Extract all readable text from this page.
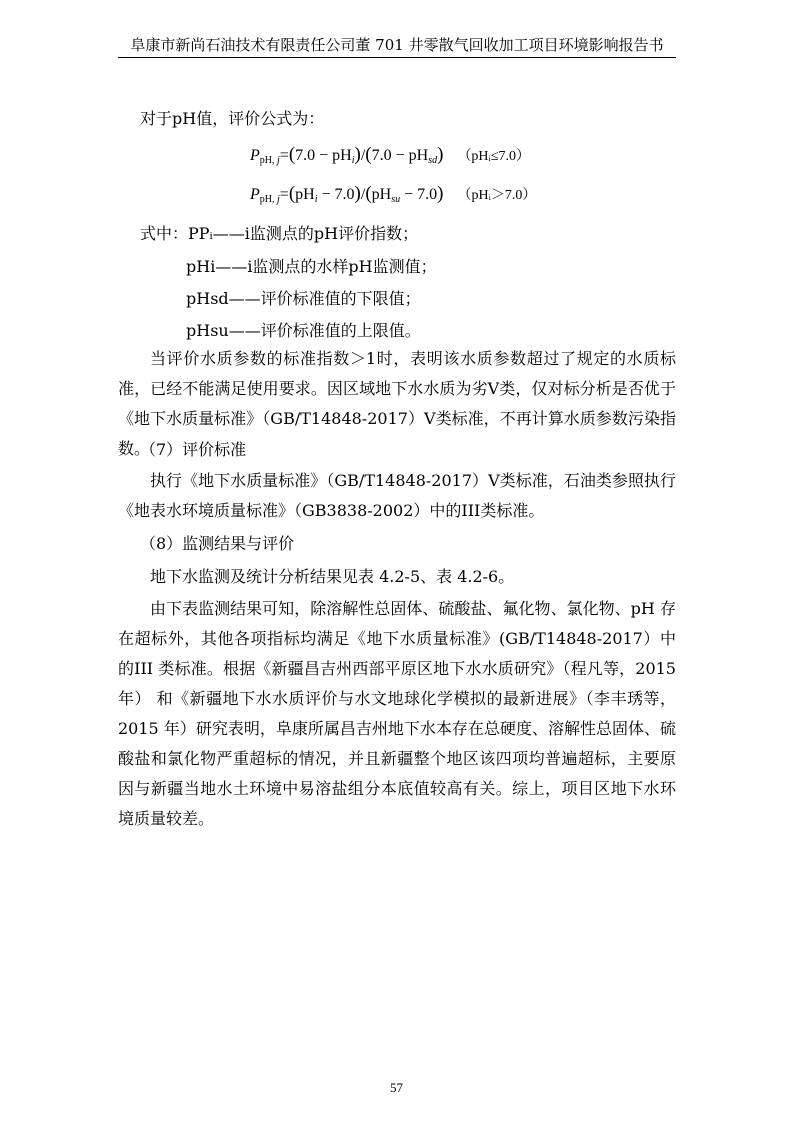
阜康市新尚石油技术有限责任公司董 701 井零散气回收加工项目环境影响报告书
对于pH值，评价公式为：
$P_{pH, j}=(7.0 - pH_i)/(7.0 - pH_{sd})$ （pHᵢ≤7.0）
$P_{pH, j}=(pH_i - 7.0)/(pH_{su} - 7.0)$ （pHᵢ＞7.0）
式中：PPᵢ——i监测点的pH评价指数；
pHi——i监测点的水样pH监测值；
pHsd——评价标准值的下限值；
pHsu——评价标准值的上限值。
当评价水质参数的标准指数＞1时，表明该水质参数超过了规定的水质标准，已经不能满足使用要求。因区域地下水水质为劣V类，仅对标分析是否优于《地下水质量标准》（GB/T14848-2017）V类标准，不再计算水质参数污染指数。
（7）评价标准
执行《地下水质量标准》（GB/T14848-2017）Ⅴ类标准，石油类参照执行《地表水环境质量标准》（GB3838-2002）中的III类标准。
（8）监测结果与评价
地下水监测及统计分析结果见表 4.2-5、表 4.2-6。
由下表监测结果可知，除溶解性总固体、硫酸盐、氟化物、氯化物、pH 存在超标外，其他各项指标均满足《地下水质量标准》(GB/T14848-2017）中的III 类标准。根据《新疆昌吉州西部平原区地下水水质研究》（程凡等，2015 年） 和《新疆地下水水质评价与水文地球化学模拟的最新进展》（李丰琇等，2015 年）研究表明，阜康所属昌吉州地下水本存在总硬度、溶解性总固体、硫酸盐和氯化物严重超标的情况，并且新疆整个地区该四项均普遍超标，主要原因与新疆当地水土环境中易溶盐组分本底值较高有关。综上，项目区地下水环境质量较差。
57
